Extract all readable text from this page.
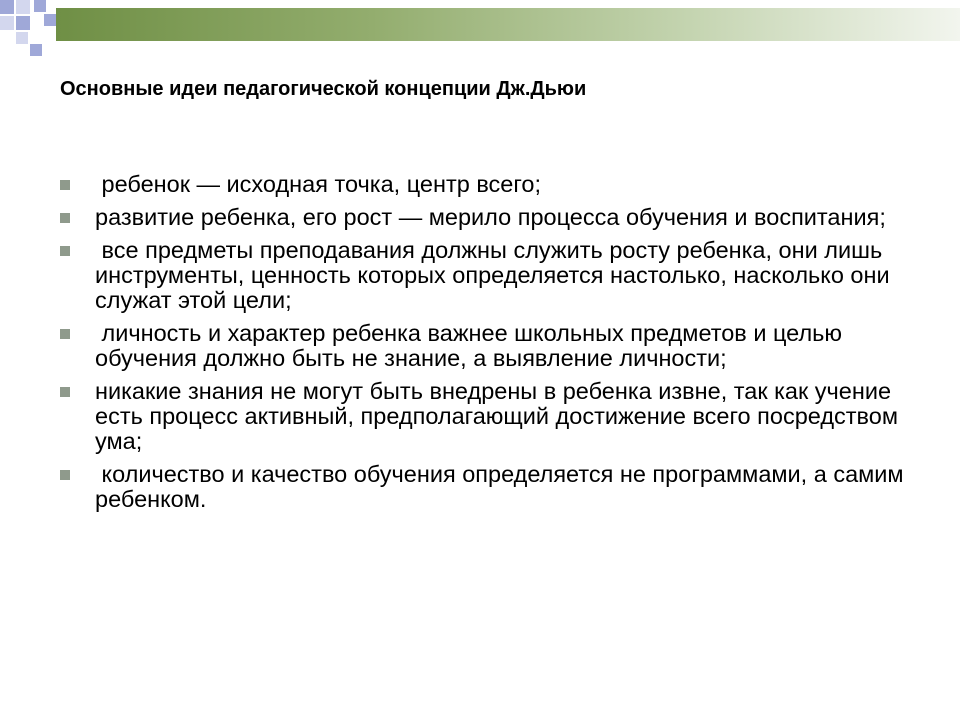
Основные идеи педагогической концепции Дж.Дьюи
ребенок — исходная точка, центр всего;
развитие ребенка, его рост — мерило процесса обучения и воспитания;
все предметы преподавания должны служить росту ребенка, они лишь инструменты, ценность которых определяется настолько, насколько они служат этой цели;
личность и характер ребенка важнее школьных предметов и целью обучения должно быть не знание, а выявление личности;
никакие знания не могут быть внедрены в ребенка извне, так как учение есть процесс активный, предполагающий достижение всего посредством ума;
количество и качество обучения определяется не программами, а самим ребенком.
